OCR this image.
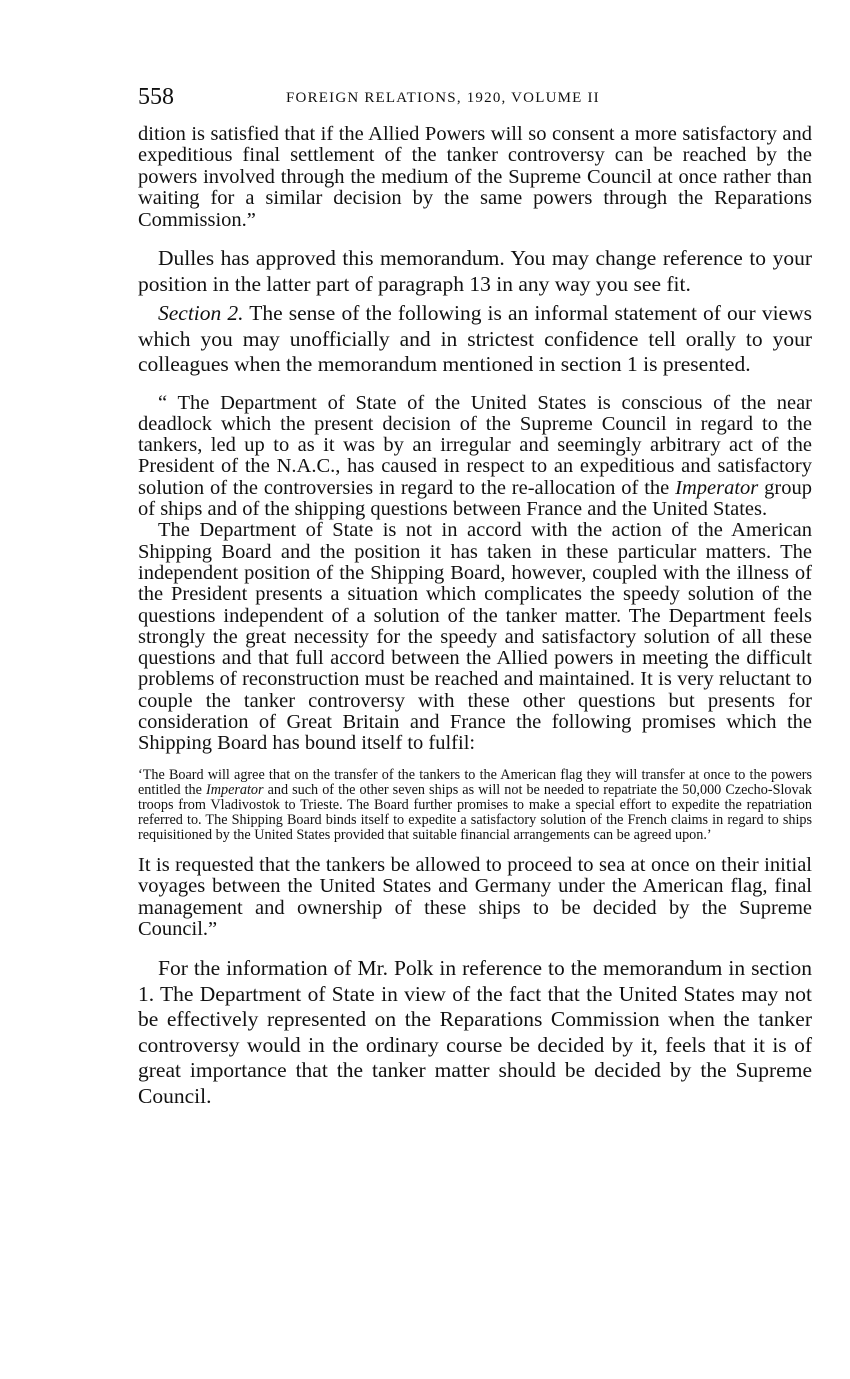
558	FOREIGN RELATIONS, 1920, VOLUME II

dition is satisfied that if the Allied Powers will so consent a more satisfactory and expeditious final settlement of the tanker controversy can be reached by the powers involved through the medium of the Supreme Council at once rather than waiting for a similar decision by the same powers through the Reparations Commission.”

Dulles has approved this memorandum. You may change reference to your position in the latter part of paragraph 13 in any way you see fit.

Section 2. The sense of the following is an informal statement of our views which you may unofficially and in strictest confidence tell orally to your colleagues when the memorandum mentioned in section 1 is presented.

“ The Department of State of the United States is conscious of the near deadlock which the present decision of the Supreme Council in regard to the tankers, led up to as it was by an irregular and seemingly arbitrary act of the President of the N.A.C., has caused in respect to an expeditious and satisfactory solution of the controversies in regard to the re-allocation of the Imperator group of ships and of the shipping questions between France and the United States.

The Department of State is not in accord with the action of the American Shipping Board and the position it has taken in these particular matters. The independent position of the Shipping Board, however, coupled with the illness of the President presents a situation which complicates the speedy solution of the questions independent of a solution of the tanker matter. The Department feels strongly the great necessity for the speedy and satisfactory solution of all these questions and that full accord between the Allied powers in meeting the difficult problems of reconstruction must be reached and maintained. It is very reluctant to couple the tanker controversy with these other questions but presents for consideration of Great Britain and France the following promises which the Shipping Board has bound itself to fulfil:

‘The Board will agree that on the transfer of the tankers to the American flag they will transfer at once to the powers entitled the Imperator and such of the other seven ships as will not be needed to repatriate the 50,000 Czecho-Slovak troops from Vladivostok to Trieste. The Board further promises to make a special effort to expedite the repatriation referred to. The Shipping Board binds itself to expedite a satisfactory solution of the French claims in regard to ships requisitioned by the United States provided that suitable financial arrangements can be agreed upon.’

It is requested that the tankers be allowed to proceed to sea at once on their initial voyages between the United States and Germany under the American flag, final management and ownership of these ships to be decided by the Supreme Council.”

For the information of Mr. Polk in reference to the memorandum in section 1. The Department of State in view of the fact that the United States may not be effectively represented on the Reparations Commission when the tanker controversy would in the ordinary course be decided by it, feels that it is of great importance that the tanker matter should be decided by the Supreme Council.
